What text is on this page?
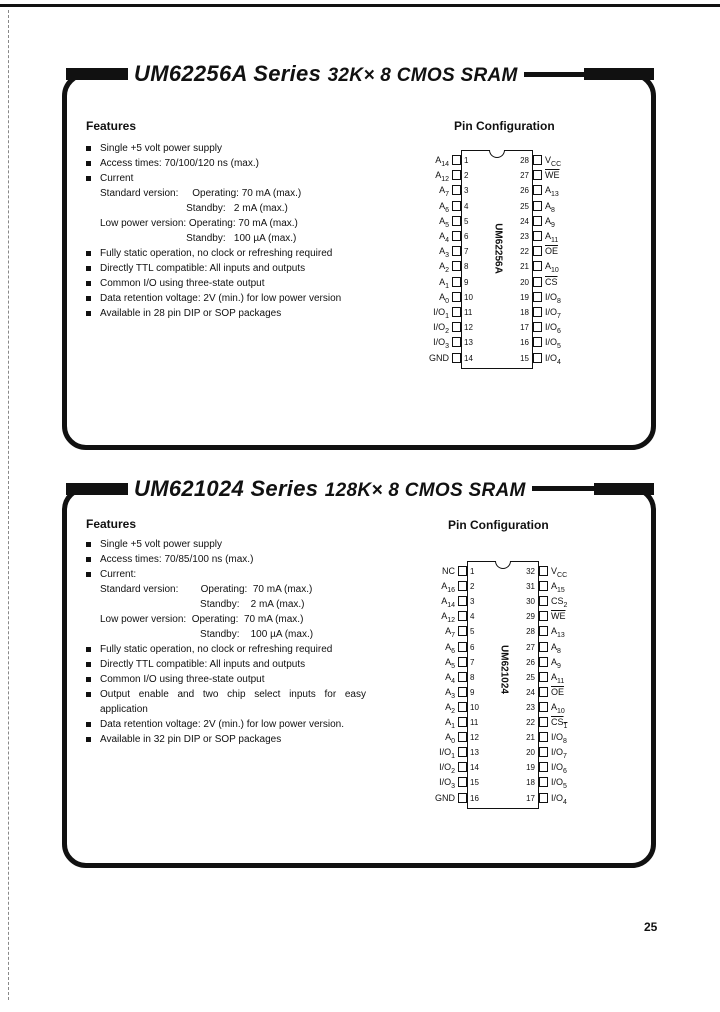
UM62256A Series 32K× 8 CMOS SRAM
Features
Single +5 volt power supply
Access times: 70/100/120 ns (max.)
Current
Standard version:     Operating: 70 mA (max.)
Standby:   2 mA (max.)
Low power version: Operating: 70 mA (max.)
Standby:   100 µA (max.)
Fully static operation, no clock or refreshing required
Directly TTL compatible: All inputs and outputs
Common I/O using three-state output
Data retention voltage: 2V (min.) for low power version
Available in 28 pin DIP or SOP packages
Pin Configuration
UM621024 Series 128K× 8 CMOS SRAM
Features
Single +5 volt power supply
Access times: 70/85/100 ns (max.)
Current:
Standard version:        Operating:  70 mA (max.)
Standby:    2 mA (max.)
Low power version:  Operating:  70 mA (max.)
Standby:    100 µA (max.)
Fully static operation, no clock or refreshing required
Directly TTL compatible: All inputs and outputs
Common I/O using three-state output
Output enable and two chip select inputs for easy application
Data retention voltage: 2V (min.) for low power version.
Available in 32 pin DIP or SOP packages
Pin Configuration
25
UM62256A
$A_{14}$ 1
$A_{12}$ 2
$A_7$ 3
$A_6$ 4
$A_5$ 5
$A_4$ 6
$A_3$ 7
$A_2$ 8
$A_1$ 9
$A_0$ 10
$I/O_1$ 11
$I/O_2$ 12
$I/O_3$ 13
GND 14
28 $V_{CC}$
27 $\overline{WE}$
26 $A_{13}$
25 $A_8$
24 $A_9$
23 $A_{11}$
22 $\overline{OE}$
21 $A_{10}$
20 $\overline{CS}$
19 $I/O_8$
18 $I/O_7$
17 $I/O_6$
16 $I/O_5$
15 $I/O_4$
UM621024
NC 1
$A_{16}$ 2
$A_{14}$ 3
$A_{12}$ 4
$A_7$ 5
$A_6$ 6
$A_5$ 7
$A_4$ 8
$A_3$ 9
$A_2$ 10
$A_1$ 11
$A_0$ 12
$I/O_1$ 13
$I/O_2$ 14
$I/O_3$ 15
GND 16
32 $V_{CC}$
31 $A_{15}$
30 $CS_2$
29 $\overline{WE}$
28 $A_{13}$
27 $A_8$
26 $A_9$
25 $A_{11}$
24 $\overline{OE}$
23 $A_{10}$
22 $CS_1$
21 $I/O_8$
20 $I/O_7$
19 $I/O_6$
18 $I/O_5$
17 $I/O_4$
